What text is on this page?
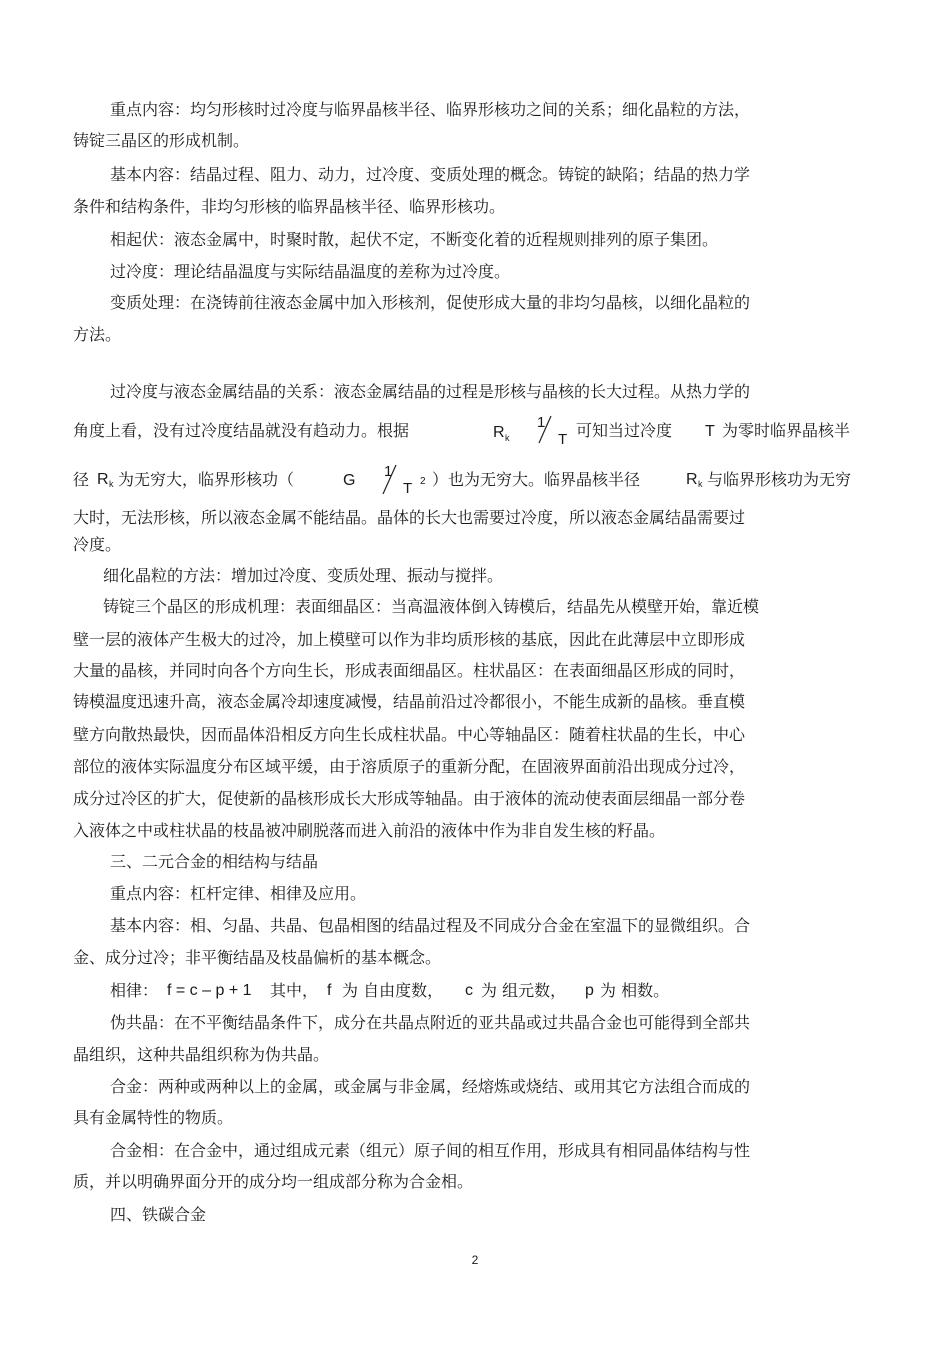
重点内容：均匀形核时过冷度与临界晶核半径、临界形核功之间的关系；细化晶粒的方法，
铸锭三晶区的形成机制。
基本内容：结晶过程、阻力、动力，过冷度、变质处理的概念。铸锭的缺陷；结晶的热力学
条件和结构条件，非均匀形核的临界晶核半径、临界形核功。
相起伏：液态金属中，时聚时散，起伏不定，不断变化着的近程规则排列的原子集团。
过冷度：理论结晶温度与实际结晶温度的差称为过冷度。
变质处理：在浇铸前往液态金属中加入形核剂，促使形成大量的非均匀晶核，以细化晶粒的
方法。
过冷度与液态金属结晶的关系：液态金属结晶的过程是形核与晶核的长大过程。从热力学的
角度上看，没有过冷度结晶就没有趋动力。根据	R k
1
T 可知当过冷度 T 为零时临界晶核半
径 R k 为无穷大，临界形核功（	G
1
T 2 ）也为无穷大。临界晶核半径	R k 与临界形核功为无穷
大时，无法形核，所以液态金属不能结晶。晶体的长大也需要过冷度，所以液态金属结晶需要过
冷度。
细化晶粒的方法：增加过冷度、变质处理、振动与搅拌。
铸锭三个晶区的形成机理：表面细晶区：当高温液体倒入铸模后，结晶先从模壁开始，靠近模
壁一层的液体产生极大的过冷，加上模壁可以作为非均质形核的基底，因此在此薄层中立即形成
大量的晶核，并同时向各个方向生长，形成表面细晶区。柱状晶区：在表面细晶区形成的同时，
铸模温度迅速升高，液态金属冷却速度减慢，结晶前沿过冷都很小，不能生成新的晶核。垂直模
壁方向散热最快，因而晶体沿相反方向生长成柱状晶。中心等轴晶区：随着柱状晶的生长，中心
部位的液体实际温度分布区域平缓，由于溶质原子的重新分配，在固液界面前沿出现成分过冷，
成分过冷区的扩大，促使新的晶核形成长大形成等轴晶。由于液体的流动使表面层细晶一部分卷
入液体之中或柱状晶的枝晶被冲刷脱落而进入前沿的液体中作为非自发生核的籽晶。
三、二元合金的相结构与结晶
重点内容：杠杆定律、相律及应用。
基本内容：相、匀晶、共晶、包晶相图的结晶过程及不同成分合金在室温下的显微组织。合
金、成分过冷；非平衡结晶及枝晶偏析的基本概念。
相律： f = c – p + 1 其中， f 为 自由度数， c 为 组元数， p 为 相数。
伪共晶：在不平衡结晶条件下，成分在共晶点附近的亚共晶或过共晶合金也可能得到全部共
晶组织，这种共晶组织称为伪共晶。
合金：两种或两种以上的金属，或金属与非金属，经熔炼或烧结、或用其它方法组合而成的
具有金属特性的物质。
合金相：在合金中，通过组成元素（组元）原子间的相互作用，形成具有相同晶体结构与性
质，并以明确界面分开的成分均一组成部分称为合金相。
四、铁碳合金
2
